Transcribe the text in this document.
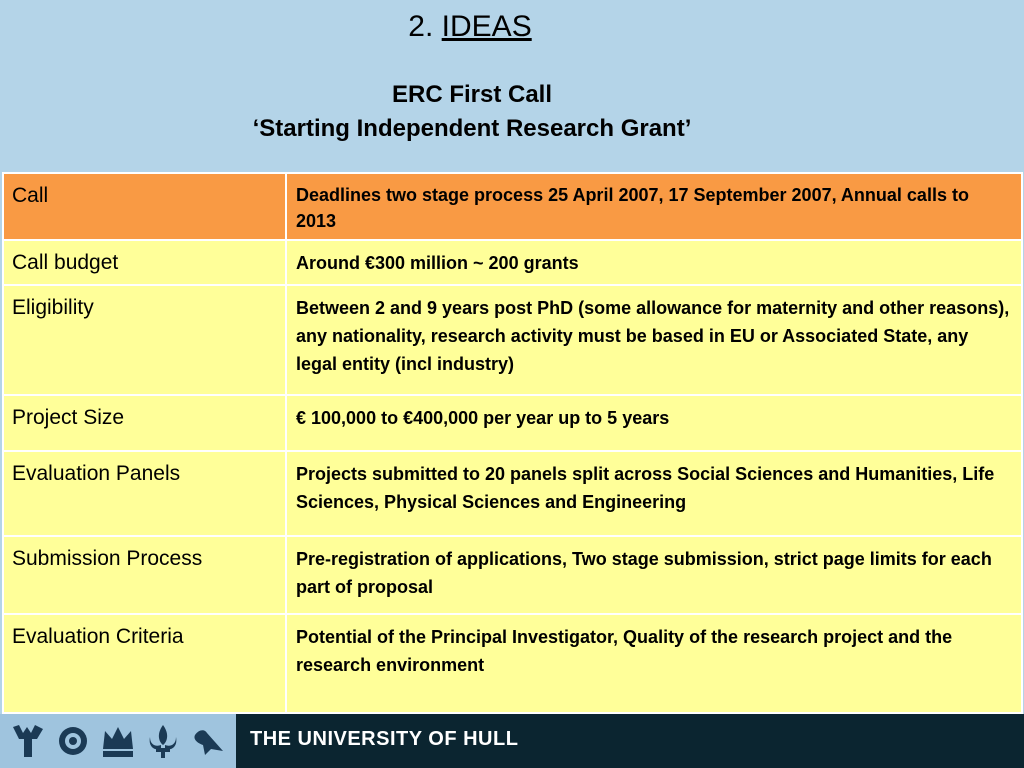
2. IDEAS
ERC First Call
‘Starting Independent Research Grant’
Call	Deadlines two stage process 25 April 2007, 17 September 2007, Annual calls to 2013
Call budget	Around €300 million ~ 200 grants
Eligibility	Between 2 and 9 years post PhD (some allowance for maternity and other reasons), any nationality, research activity must be based in EU or Associated State, any legal entity (incl industry)
Project Size	€ 100,000 to €400,000 per year up to 5 years
Evaluation Panels	Projects submitted to 20 panels split across Social Sciences and Humanities, Life Sciences, Physical Sciences and Engineering
Submission Process	Pre-registration of applications, Two stage submission, strict page limits for each part of proposal
Evaluation Criteria	Potential of the Principal Investigator, Quality of the research project and the research environment
THE UNIVERSITY OF HULL
